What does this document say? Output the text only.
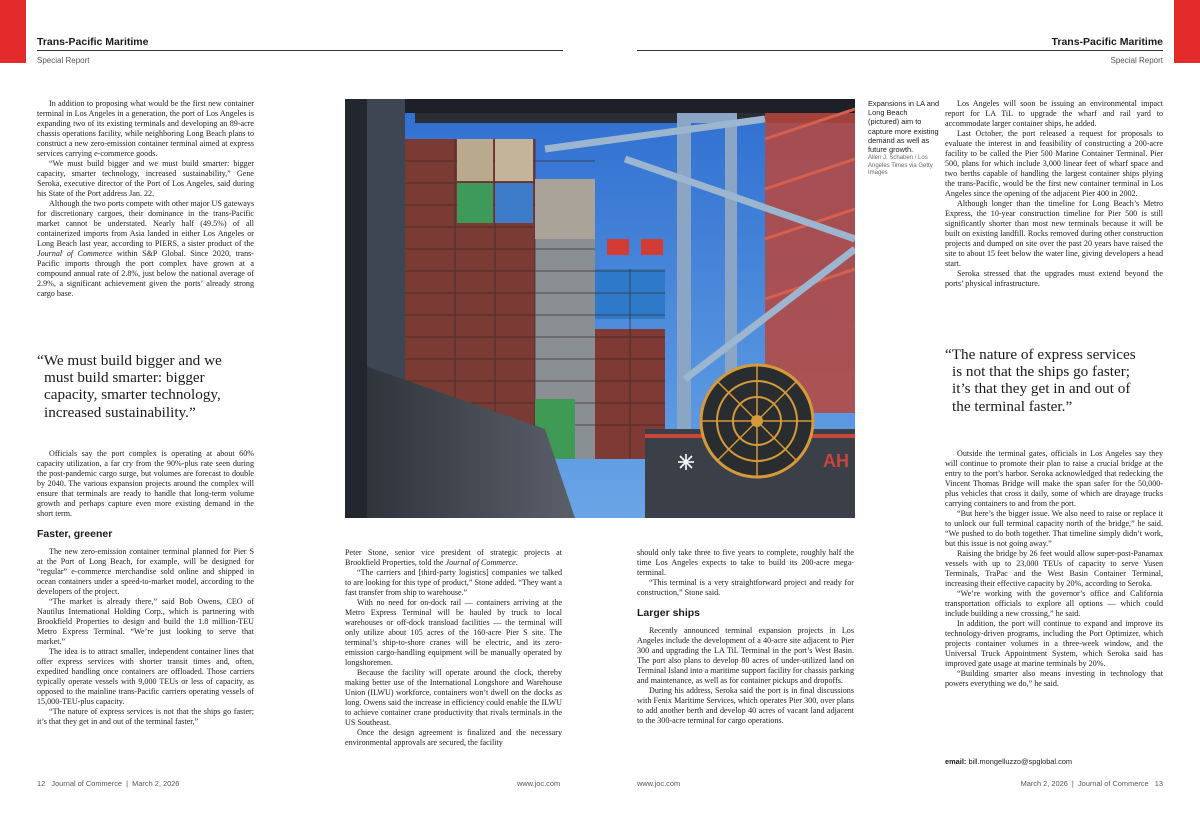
Trans-Pacific Maritime	Trans-Pacific Maritime
Special Report	Special Report

In addition to proposing what would be the first new container terminal in Los Angeles in a generation, the port of Los Angeles is expanding two of its existing terminals and developing an 89-acre chassis operations facility, while neighboring Long Beach plans to construct a new zero-emission container terminal aimed at express services carrying e-commerce goods.

“We must build bigger and we must build smarter: bigger capacity, smarter technology, increased sustainability,” Gene Seroka, executive director of the Port of Los Angeles, said during his State of the Port address Jan. 22.

Although the two ports compete with other major US gateways for discretionary cargoes, their dominance in the trans-Pacific market cannot be understated. Nearly half (49.5%) of all containerized imports from Asia landed in either Los Angeles or Long Beach last year, according to PIERS, a sister product of the Journal of Commerce within S&P Global. Since 2020, trans-Pacific imports through the port complex have grown at a compound annual rate of 2.8%, just below the national average of 2.9%, a significant achievement given the ports’ already strong cargo base.

“We must build bigger and we
must build smarter: bigger
capacity, smarter technology,
increased sustainability.”

Officials say the port complex is operating at about 60% capacity utilization, a far cry from the 90%-plus rate seen during the post-pandemic cargo surge, but volumes are forecast to double by 2040. The various expansion projects around the complex will ensure that terminals are ready to handle that long-term volume growth and perhaps capture even more existing demand in the short term.

Faster, greener

The new zero-emission container terminal planned for Pier S at the Port of Long Beach, for example, will be designed for “regular” e-commerce merchandise sold online and shipped in ocean containers under a speed-to-market model, according to the developers of the project.

“The market is already there,” said Bob Owens, CEO of Nautilus International Holding Corp., which is partnering with Brookfield Properties to design and build the 1.8 million-TEU Metro Express Terminal. “We’re just looking to serve that market.”

The idea is to attract smaller, independent container lines that offer express services with shorter transit times and, often, expedited handling once containers are offloaded. Those carriers typically operate vessels with 9,000 TEUs or less of capacity, as opposed to the mainline trans-Pacific carriers operating vessels of 15,000-TEU-plus capacity.

“The nature of express services is not that the ships go faster; it’s that they get in and out of the terminal faster,”

AH
Expansions in LA and Long Beach (pictured) aim to capture more existing demand as well as future growth.
Allen J. Schaben / Los Angeles Times via Getty Images

Peter Stone, senior vice president of strategic projects at Brookfield Properties, told the Journal of Commerce.

“The carriers and [third-party logistics] companies we talked to are looking for this type of product,” Stone added. “They want a fast transfer from ship to warehouse.”

With no need for on-dock rail — containers arriving at the Metro Express Terminal will be hauled by truck to local warehouses or off-dock transload facilities — the terminal will only utilize about 105 acres of the 160-acre Pier S site. The terminal’s ship-to-shore cranes will be electric, and its zero-emission cargo-handling equipment will be manually operated by longshoremen.

Because the facility will operate around the clock, thereby making better use of the International Longshore and Warehouse Union (ILWU) workforce, containers won’t dwell on the docks as long. Owens said the increase in efficiency could enable the ILWU to achieve container crane productivity that rivals terminals in the US Southeast.

Once the design agreement is finalized and the necessary environmental approvals are secured, the facility

should only take three to five years to complete, roughly half the time Los Angeles expects to take to build its 200-acre mega-terminal.

“This terminal is a very straightforward project and ready for construction,” Stone said.

Larger ships

Recently announced terminal expansion projects in Los Angeles include the development of a 40-acre site adjacent to Pier 300 and upgrading the LA TiL Terminal in the port’s West Basin. The port also plans to develop 80 acres of under-utilized land on Terminal Island into a maritime support facility for chassis parking and maintenance, as well as for container pickups and dropoffs.

During his address, Seroka said the port is in final discussions with Fenix Maritime Services, which operates Pier 300, over plans to add another berth and develop 40 acres of vacant land adjacent to the 300-acre terminal for cargo operations.

Los Angeles will soon be issuing an environmental impact report for LA TiL to upgrade the wharf and rail yard to accommodate larger container ships, he added.

Last October, the port released a request for proposals to evaluate the interest in and feasibility of constructing a 200-acre facility to be called the Pier 500 Marine Container Terminal. Pier 500, plans for which include 3,000 linear feet of wharf space and two berths capable of handling the largest container ships plying the trans-Pacific, would be the first new container terminal in Los Angeles since the opening of the adjacent Pier 400 in 2002.

Although longer than the timeline for Long Beach’s Metro Express, the 10-year construction timeline for Pier 500 is still significantly shorter than most new terminals because it will be built on existing landfill. Rocks removed during other construction projects and dumped on site over the past 20 years have raised the site to about 15 feet below the water line, giving developers a head start.

Seroka stressed that the upgrades must extend beyond the ports’ physical infrastructure.

“The nature of express services
is not that the ships go faster;
it’s that they get in and out of
the terminal faster.”

Outside the terminal gates, officials in Los Angeles say they will continue to promote their plan to raise a crucial bridge at the entry to the port’s harbor. Seroka acknowledged that redecking the Vincent Thomas Bridge will make the span safer for the 50,000-plus vehicles that cross it daily, some of which are drayage trucks carrying containers to and from the port.

“But here’s the bigger issue. We also need to raise or replace it to unlock our full terminal capacity north of the bridge,” he said. “We pushed to do both together. That timeline simply didn’t work, but this issue is not going away.”

Raising the bridge by 26 feet would allow super-post-Panamax vessels with up to 23,000 TEUs of capacity to serve Yusen Terminals, TraPac and the West Basin Container Terminal, increasing their effective capacity by 20%, according to Seroka.

“We’re working with the governor’s office and California transportation officials to explore all options — which could include building a new crossing,” he said.

In addition, the port will continue to expand and improve its technology-driven programs, including the Port Optimizer, which projects container volumes in a three-week window, and the Universal Truck Appointment System, which Seroka said has improved gate usage at marine terminals by 20%.

“Building smarter also means investing in technology that powers everything we do,” he said.

email: bill.mongelluzzo@spglobal.com
12   Journal of Commerce  |  March 2, 2026	www.joc.com	www.joc.com	March 2, 2026  |  Journal of Commerce   13
